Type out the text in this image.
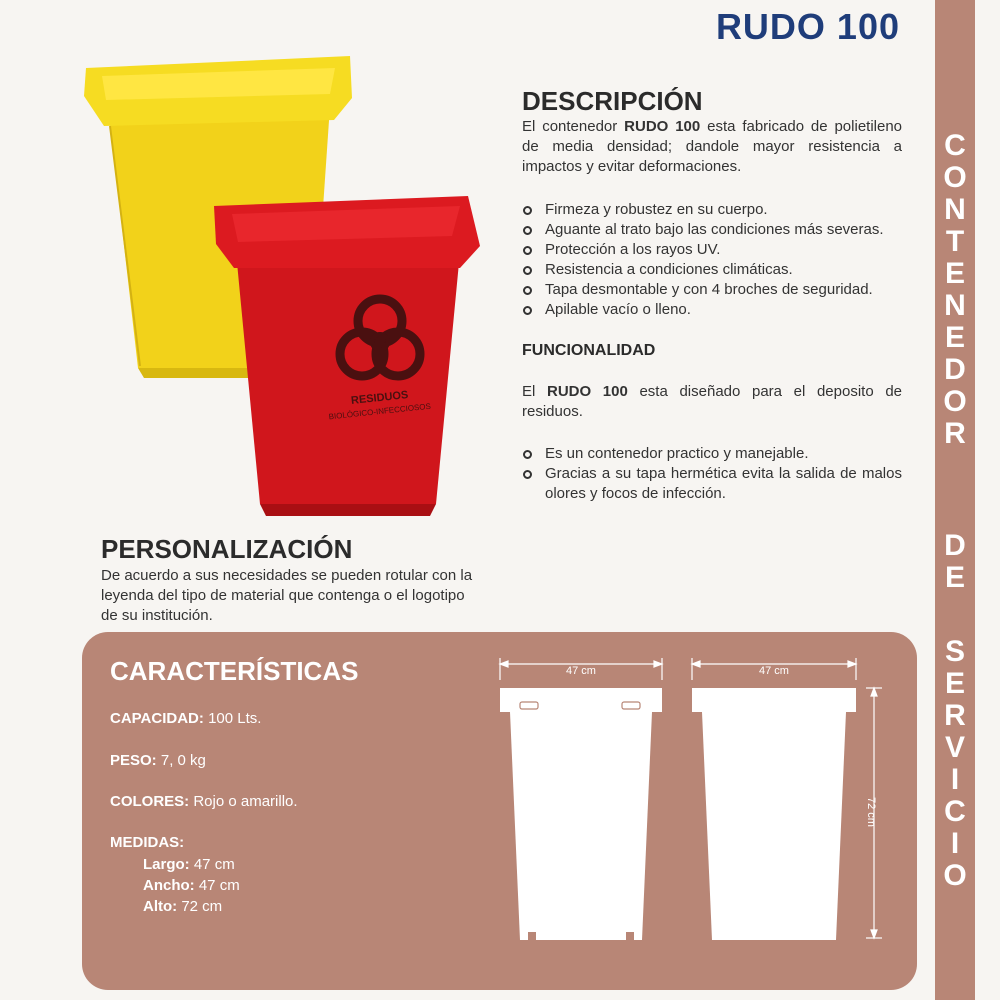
RUDO 100
CONTENEDOR
DE
SERVICIO
RESIDUOS
BIOLÓGICO-INFECCIOSOS
DESCRIPCIÓN
El contenedor RUDO 100 esta fabricado de polietileno de media densidad; dandole mayor resistencia a impactos y evitar deformaciones.
Firmeza y robustez en su cuerpo.
Aguante al trato bajo las condiciones más severas.
Protección a los rayos UV.
Resistencia a condiciones climáticas.
Tapa desmontable y con 4 broches de seguridad.
Apilable vacío o lleno.
FUNCIONALIDAD
El RUDO 100 esta diseñado para el deposito de residuos.
Es un contenedor practico y manejable.
Gracias a su tapa hermética evita la salida de malos olores y focos de infección.
PERSONALIZACIÓN
De acuerdo a sus necesidades se pueden rotular con la leyenda del tipo de material que contenga o el logotipo de su institución.
CARACTERÍSTICAS
CAPACIDAD: 100 Lts.
PESO: 7, 0 kg
COLORES: Rojo o amarillo.
MEDIDAS:
Largo: 47 cm
Ancho: 47 cm
Alto: 72 cm
47 cm	47 cm
72 cm
